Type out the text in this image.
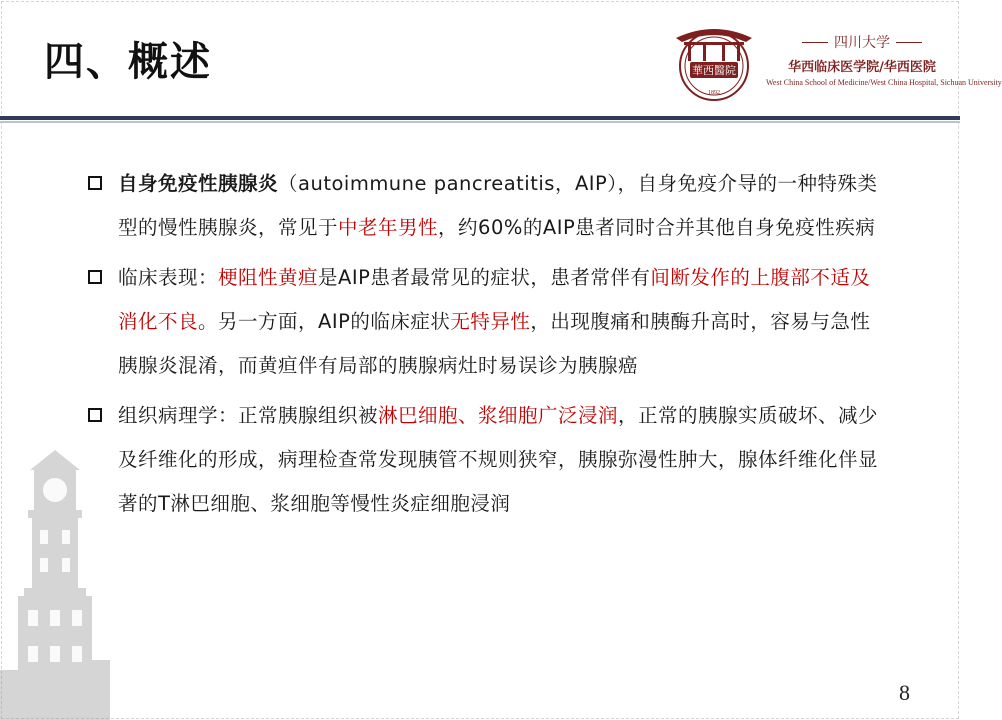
四、概述	華西醫院
1892
四川大学
华西临床医学院/华西医院
West China School of Medicine/West China Hospital, Sichuan University
自身免疫性胰腺炎（autoimmune pancreatitis，AIP），自身免疫介导的一种特殊类型的慢性胰腺炎，常见于中老年男性，约60%的AIP患者同时合并其他自身免疫性疾病
临床表现：梗阻性黄疸是AIP患者最常见的症状，患者常伴有间断发作的上腹部不适及消化不良。另一方面，AIP的临床症状无特异性，出现腹痛和胰酶升高时，容易与急性胰腺炎混淆，而黄疸伴有局部的胰腺病灶时易误诊为胰腺癌
组织病理学：正常胰腺组织被淋巴细胞、浆细胞广泛浸润，正常的胰腺实质破坏、减少及纤维化的形成，病理检查常发现胰管不规则狭窄，胰腺弥漫性肿大，腺体纤维化伴显著的T淋巴细胞、浆细胞等慢性炎症细胞浸润
8
